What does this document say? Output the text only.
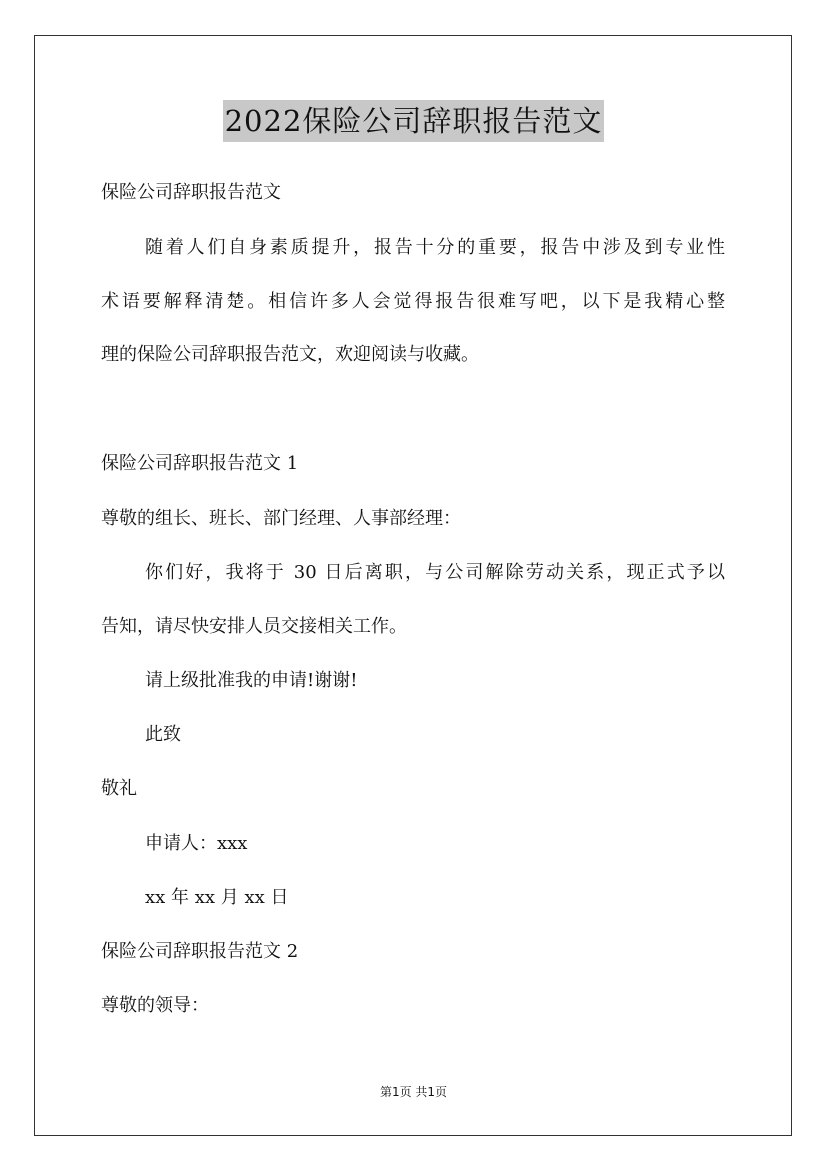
2022保险公司辞职报告范文
保险公司辞职报告范文
随着人们自身素质提升，报告十分的重要，报告中涉及到专业性
术语要解释清楚。相信许多人会觉得报告很难写吧，以下是我精心整
理的保险公司辞职报告范文，欢迎阅读与收藏。
保险公司辞职报告范文 1
尊敬的组长、班长、部门经理、人事部经理：
你们好，我将于 30 日后离职，与公司解除劳动关系，现正式予以
告知，请尽快安排人员交接相关工作。
请上级批准我的申请!谢谢!
此致
敬礼
申请人：xxx
xx 年 xx 月 xx 日
保险公司辞职报告范文 2
尊敬的领导：
第1页 共1页
